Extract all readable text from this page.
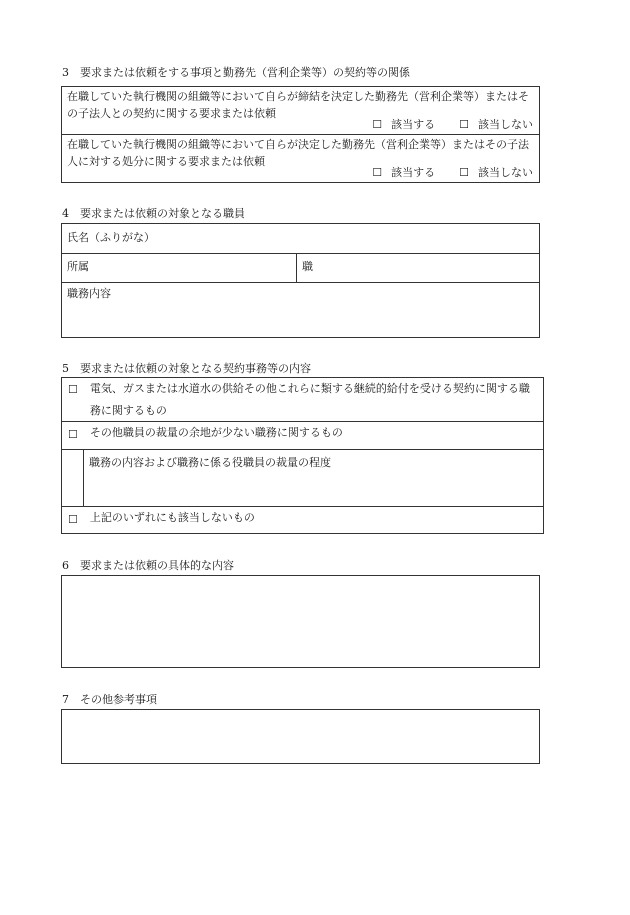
3　要求または依頼をする事項と勤務先（営利企業等）の契約等の関係
在職していた執行機関の組織等において自らが締結を決定した勤務先（営利企業等）またはその子法人との契約に関する要求または依頼
☐ 該当する ☐ 該当しない
在職していた執行機関の組織等において自らが決定した勤務先（営利企業等）またはその子法人に対する処分に関する要求または依頼
☐ 該当する ☐ 該当しない
4　要求または依頼の対象となる職員
氏名（ふりがな）
所属	職
職務内容
5　要求または依頼の対象となる契約事務等の内容
☐ 電気、ガスまたは水道水の供給その他これらに類する継続的給付を受ける契約に関する職務に関するもの
☐ その他職員の裁量の余地が少ない職務に関するもの
職務の内容および職務に係る役職員の裁量の程度
☐ 上記のいずれにも該当しないもの
6　要求または依頼の具体的な内容
7　その他参考事項
